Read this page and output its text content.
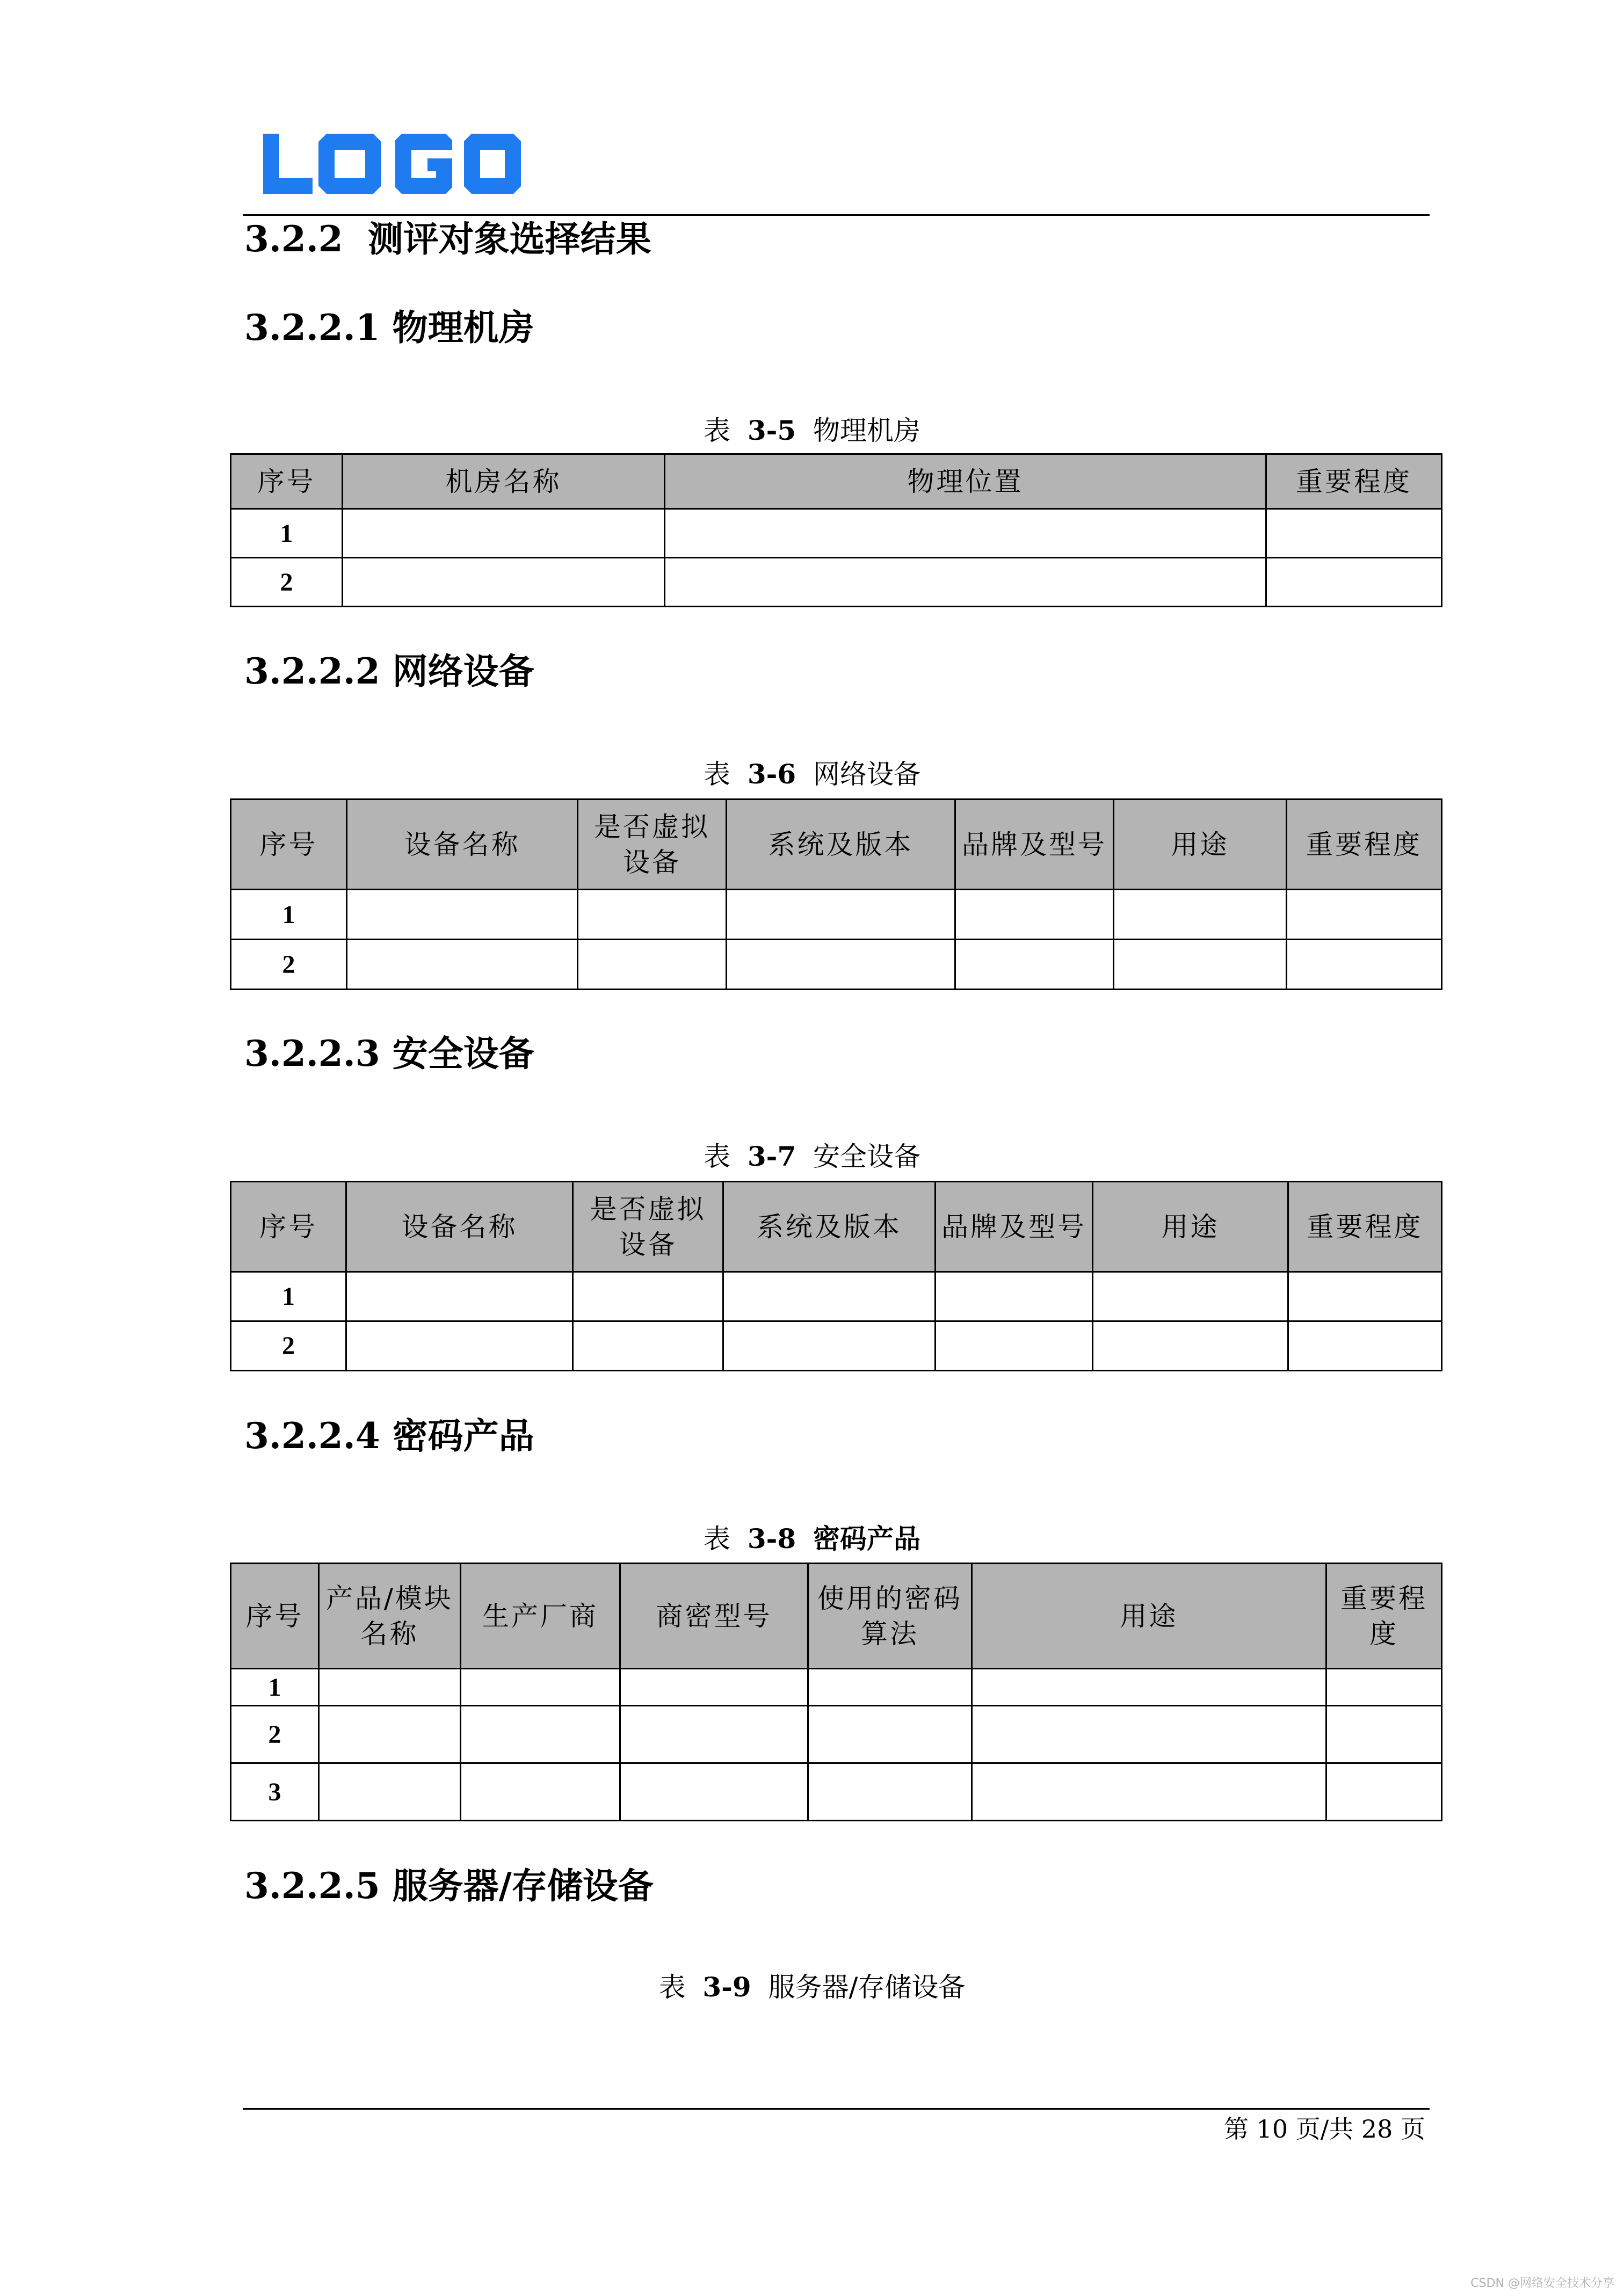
3.2.2 测评对象选择结果
3.2.2.1 物理机房
表 3-5 物理机房
序号	机房名称	物理位置	重要程度
1			
2			
3.2.2.2 网络设备
表 3-6 网络设备
序号	设备名称	是否虚拟设备	系统及版本	品牌及型号	用途	重要程度
1						
2						
3.2.2.3 安全设备
表 3-7 安全设备
序号	设备名称	是否虚拟设备	系统及版本	品牌及型号	用途	重要程度
1						
2						
3.2.2.4 密码产品
表 3-8 密码产品
序号	产品/模块名称	生产厂商	商密型号	使用的密码算法	用途	重要程度
1						
2						
3						
3.2.2.5 服务器/存储设备
表 3-9 服务器/存储设备
第 10 页/共 28 页
CSDN @网络安全技术分享
